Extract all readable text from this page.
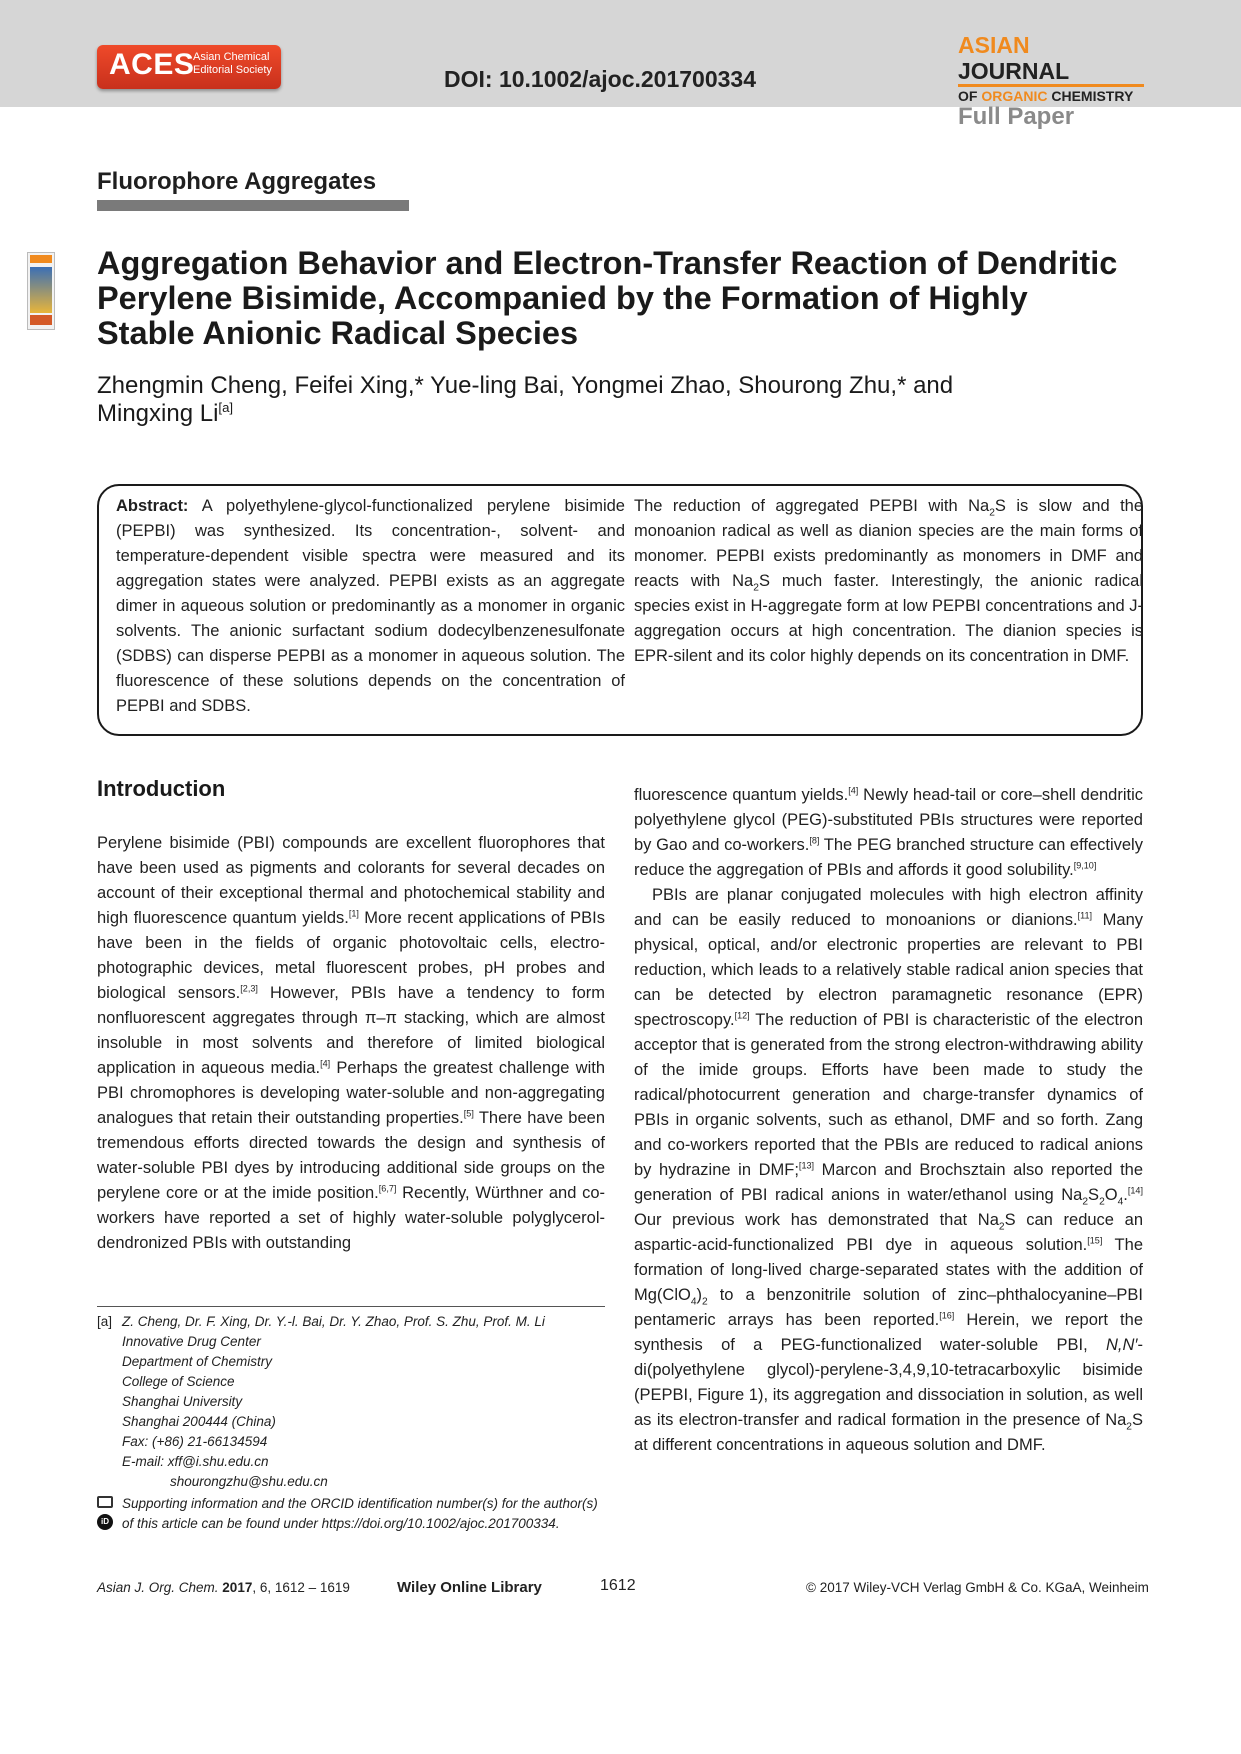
ACES
Asian Chemical Editorial Society	DOI: 10.1002/ajoc.201700334
ASIAN JOURNAL
OF ORGANIC CHEMISTRY
Full Paper
Fluorophore Aggregates
Aggregation Behavior and Electron-Transfer Reaction of Dendritic
Perylene Bisimide, Accompanied by the Formation of Highly
Stable Anionic Radical Species
Zhengmin Cheng, Feifei Xing,* Yue-ling Bai, Yongmei Zhao, Shourong Zhu,* and
Mingxing Li[a]
Abstract: A polyethylene-glycol-functionalized perylene bisimide (PEPBI) was synthesized. Its concentration-, solvent- and temperature-dependent visible spectra were measured and its aggregation states were analyzed. PEPBI exists as an aggregate dimer in aqueous solution or predominantly as a monomer in organic solvents. The anionic surfactant sodium dodecylbenzenesulfonate (SDBS) can disperse PEPBI as a monomer in aqueous solution. The fluorescence of these solutions depends on the concentration of PEPBI and SDBS.
The reduction of aggregated PEPBI with $Na_2S$ is slow and the monoanion radical as well as dianion species are the main forms of monomer. PEPBI exists predominantly as monomers in DMF and reacts with $Na_2S$ much faster. Interestingly, the anionic radical species exist in H-aggregate form at low PEPBI concentrations and J-aggregation occurs at high concentration. The dianion species is EPR-silent and its color highly depends on its concentration in DMF.
Introduction

Perylene bisimide (PBI) compounds are excellent fluorophores that have been used as pigments and colorants for several decades on account of their exceptional thermal and photochemical stability and high fluorescence quantum yields.[1] More recent applications of PBIs have been in the fields of organic photovoltaic cells, electro-photographic devices, metal fluorescent probes, pH probes and biological sensors.[2,3] However, PBIs have a tendency to form nonfluorescent aggregates through π–π stacking, which are almost insoluble in most solvents and therefore of limited biological application in aqueous media.[4] Perhaps the greatest challenge with PBI chromophores is developing water-soluble and non-aggregating analogues that retain their outstanding properties.[5] There have been tremendous efforts directed towards the design and synthesis of water-soluble PBI dyes by introducing additional side groups on the perylene core or at the imide position.[6,7] Recently, Würthner and co-workers have reported a set of highly water-soluble polyglycerol-dendronized PBIs with outstanding

fluorescence quantum yields.[4] Newly head-tail or core–shell dendritic polyethylene glycol (PEG)-substituted PBIs structures were reported by Gao and co-workers.[8] The PEG branched structure can effectively reduce the aggregation of PBIs and affords it good solubility.[9,10]

PBIs are planar conjugated molecules with high electron affinity and can be easily reduced to monoanions or dianions.[11] Many physical, optical, and/or electronic properties are relevant to PBI reduction, which leads to a relatively stable radical anion species that can be detected by electron paramagnetic resonance (EPR) spectroscopy.[12] The reduction of PBI is characteristic of the electron acceptor that is generated from the strong electron-withdrawing ability of the imide groups. Efforts have been made to study the radical/photocurrent generation and charge-transfer dynamics of PBIs in organic solvents, such as ethanol, DMF and so forth. Zang and co-workers reported that the PBIs are reduced to radical anions by hydrazine in DMF;[13] Marcon and Brochsztain also reported the generation of PBI radical anions in water/ethanol using $Na_2S_2O_4.[14]$ Our previous work has demonstrated that $Na_2S$ can reduce an aspartic-acid-functionalized PBI dye in aqueous solution.[15] The formation of long-lived charge-separated states with the addition of $Mg(ClO_4)_2$ to a benzonitrile solution of zinc–phthalocyanine–PBI pentameric arrays has been reported.[16] Herein, we report the synthesis of a PEG-functionalized water-soluble PBI, N,N′-di(polyethylene glycol)-perylene-3,4,9,10-tetracarboxylic bisimide (PEPBI, Figure 1), its aggregation and dissociation in solution, as well as its electron-transfer and radical formation in the presence of $Na_2S$ at different concentrations in aqueous solution and DMF.

[a] Z. Cheng, Dr. F. Xing, Dr. Y.-l. Bai, Dr. Y. Zhao, Prof. S. Zhu, Prof. M. Li
Innovative Drug Center
Department of Chemistry
College of Science
Shanghai University
Shanghai 200444 (China)
Fax: (+86) 21-66134594
E-mail: xff@i.shu.edu.cn
shourongzhu@shu.edu.cn
iD
Supporting information and the ORCID identification number(s) for the author(s) of this article can be found under https://doi.org/10.1002/ajoc.201700334.
Asian J. Org. Chem. 2017, 6, 1612 – 1619	Wiley Online Library	1612	© 2017 Wiley-VCH Verlag GmbH & Co. KGaA, Weinheim
